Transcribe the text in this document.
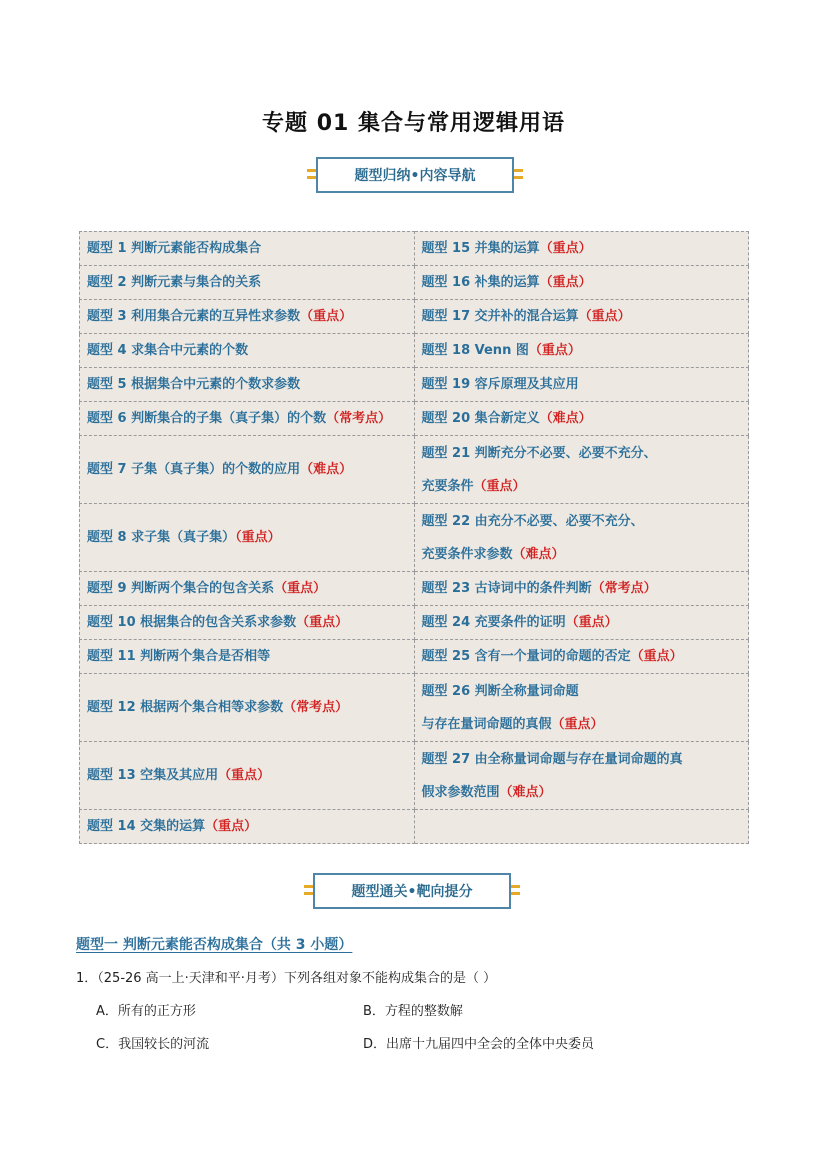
专题 01 集合与常用逻辑用语
题型归纳•内容导航
题型 1 判断元素能否构成集合	题型 15 并集的运算（重点）
题型 2 判断元素与集合的关系	题型 16 补集的运算（重点）
题型 3 利用集合元素的互异性求参数（重点）	题型 17 交并补的混合运算（重点）
题型 4 求集合中元素的个数	题型 18 Venn 图（重点）
题型 5 根据集合中元素的个数求参数	题型 19 容斥原理及其应用
题型 6 判断集合的子集（真子集）的个数（常考点）	题型 20 集合新定义（难点）
题型 7 子集（真子集）的个数的应用（难点）	题型 21 判断充分不必要、必要不充分、
充要条件（重点）
题型 8 求子集（真子集）（重点）	题型 22 由充分不必要、必要不充分、
充要条件求参数（难点）
题型 9 判断两个集合的包含关系（重点）	题型 23 古诗词中的条件判断（常考点）
题型 10 根据集合的包含关系求参数（重点）	题型 24 充要条件的证明（重点）
题型 11 判断两个集合是否相等	题型 25 含有一个量词的命题的否定（重点）
题型 12 根据两个集合相等求参数（常考点）	题型 26 判断全称量词命题
与存在量词命题的真假（重点）
题型 13 空集及其应用（重点）	题型 27 由全称量词命题与存在量词命题的真
假求参数范围（难点）
题型 14 交集的运算（重点）	
题型通关•靶向提分
题型一 判断元素能否构成集合（共 3 小题）
1．（25-26 高一上·天津和平·月考）下列各组对象不能构成集合的是（ ）
A．所有的正方形	B．方程的整数解
C．我国较长的河流	D．出席十九届四中全会的全体中央委员
